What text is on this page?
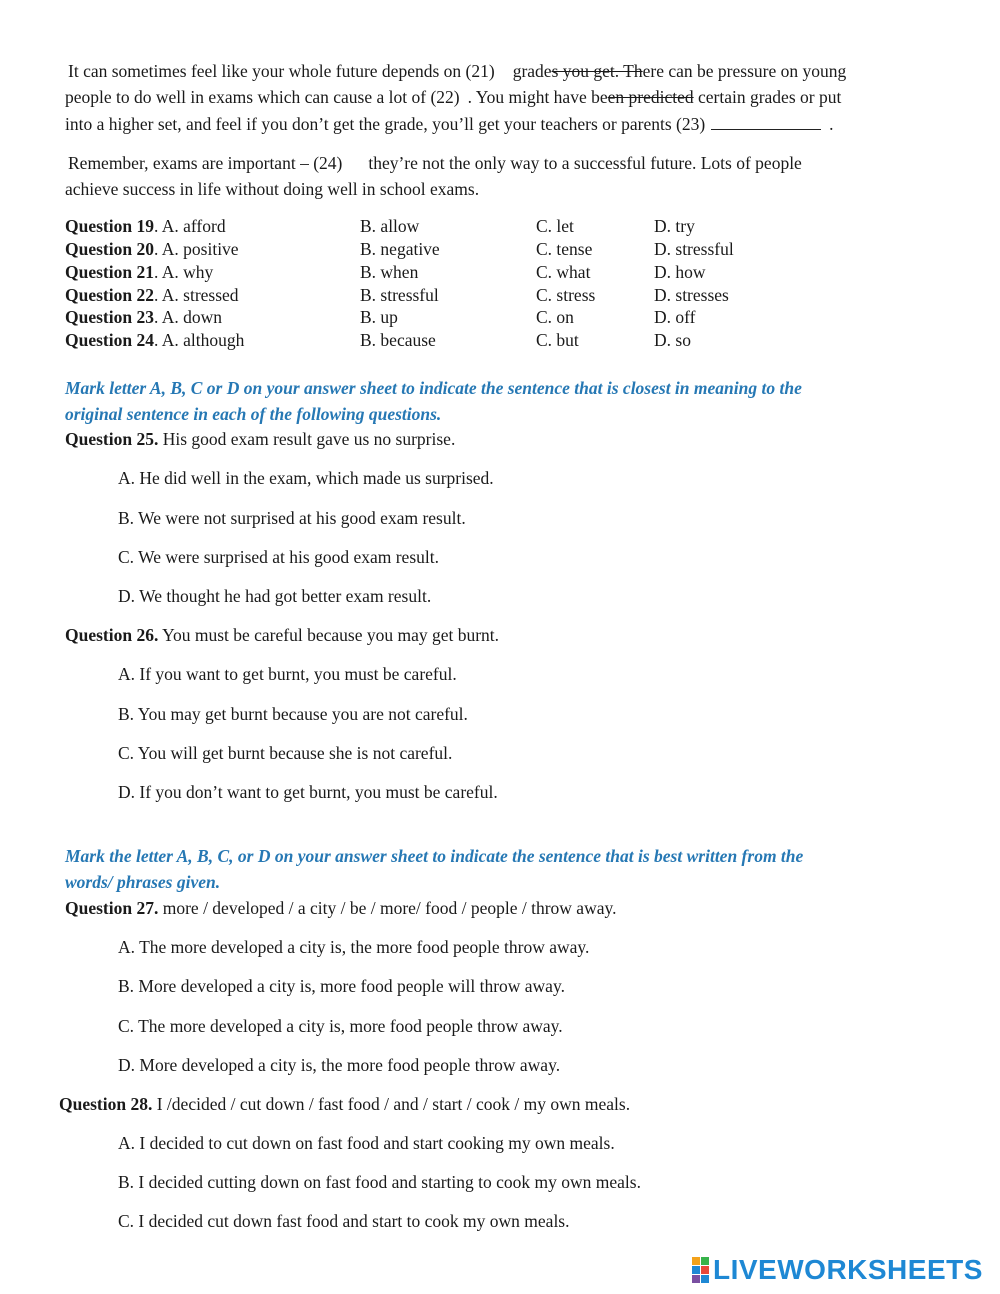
It can sometimes feel like your whole future depends on (21) grades you get. There can be pressure on young
people to do well in exams which can cause a lot of (22) . You might have been predicted certain grades or put
into a higher set, and feel if you don’t get the grade, you’ll get your teachers or parents (23)	.
Remember, exams are important – (24) they’re not the only way to a successful future. Lots of people
achieve success in life without doing well in school exams.
Question 19. A. afford	B. allow	C. let	D. try
Question 20. A. positive	B. negative	C. tense	D. stressful
Question 21. A. why	B. when	C. what	D. how
Question 22. A. stressed	B. stressful	C. stress	D. stresses
Question 23. A. down	B. up	C. on	D. off
Question 24. A. although	B. because	C. but	D. so
Mark letter A, B, C or D on your answer sheet to indicate the sentence that is closest in meaning to the
original sentence in each of the following questions.
Question 25. His good exam result gave us no surprise.
A. He did well in the exam, which made us surprised.
B. We were not surprised at his good exam result.
C. We were surprised at his good exam result.
D. We thought he had got better exam result.
Question 26. You must be careful because you may get burnt.
A. If you want to get burnt, you must be careful.
B. You may get burnt because you are not careful.
C. You will get burnt because she is not careful.
D. If you don’t want to get burnt, you must be careful.
Mark the letter A, B, C, or D on your answer sheet to indicate the sentence that is best written from the
words/ phrases given.
Question 27. more / developed / a city / be / more/ food / people / throw away.
A. The more developed a city is, the more food people throw away.
B. More developed a city is, more food people will throw away.
C. The more developed a city is, more food people throw away.
D. More developed a city is, the more food people throw away.
Question 28. I /decided / cut down / fast food / and / start / cook / my own meals.
A. I decided to cut down on fast food and start cooking my own meals.
B. I decided cutting down on fast food and starting to cook my own meals.
C. I decided cut down fast food and start to cook my own meals.
LIVEWORKSHEETS
